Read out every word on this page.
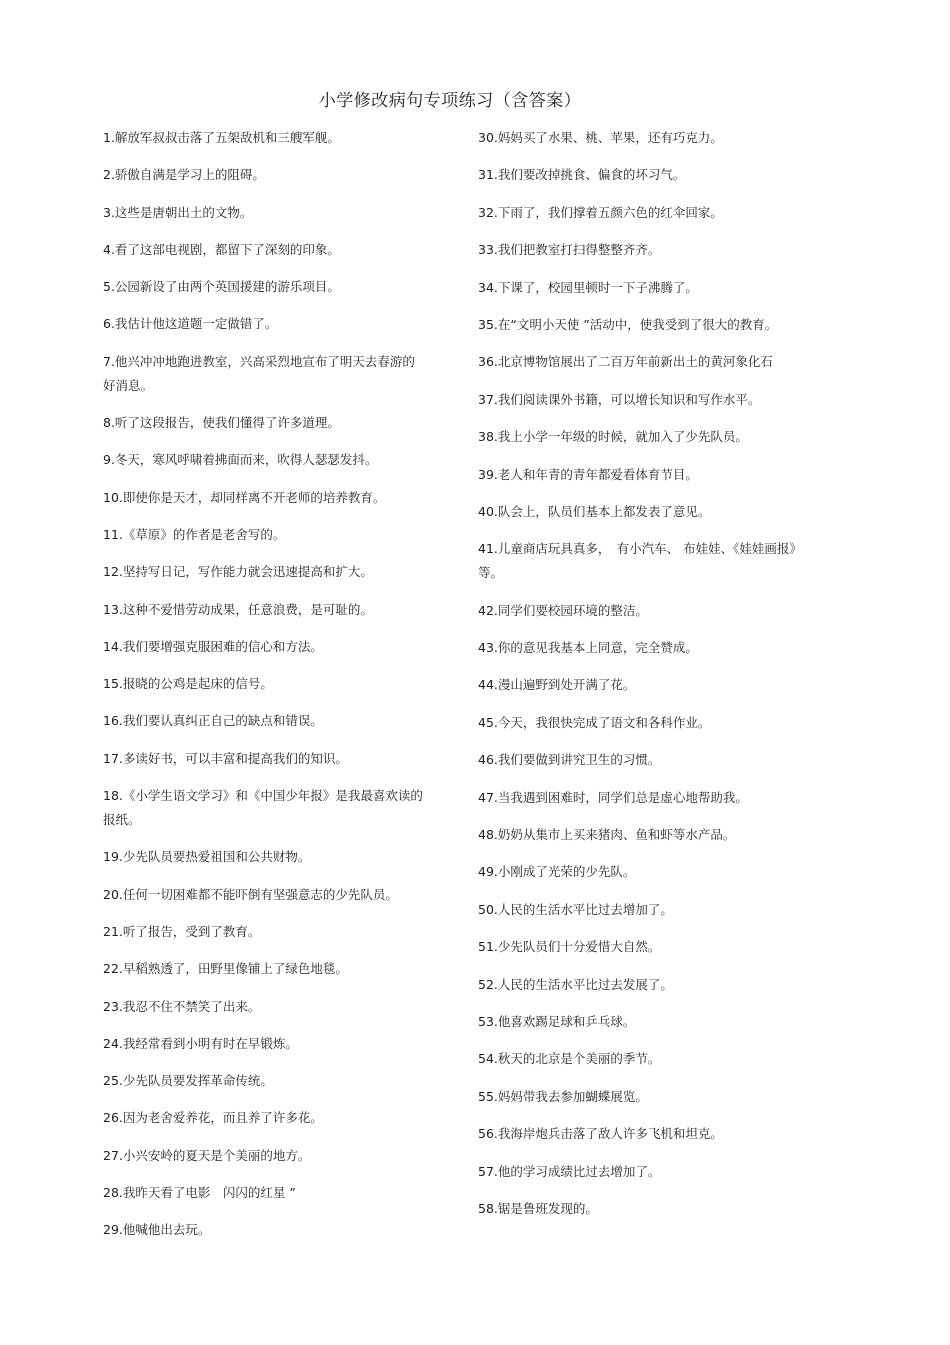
小学修改病句专项练习（含答案）
1.解放军叔叔击落了五架敌机和三艘军舰。
2.骄傲自满是学习上的阻碍。
3.这些是唐朝出土的文物。
4.看了这部电视剧，都留下了深刻的印象。
5.公园新设了由两个英国援建的游乐项目。
6.我估计他这道题一定做错了。
7.他兴冲冲地跑进教室，兴高采烈地宣布了明天去春游的好消息。
8.听了这段报告，使我们懂得了许多道理。
9.冬天，寒风呼啸着拂面而来，吹得人瑟瑟发抖。
10.即使你是天才，却同样离不开老师的培养教育。
11.《草原》的作者是老舍写的。
12.坚持写日记，写作能力就会迅速提高和扩大。
13.这种不爱惜劳动成果，任意浪费，是可耻的。
14.我们要增强克服困难的信心和方法。
15.报晓的公鸡是起床的信号。
16.我们要认真纠正自己的缺点和错误。
17.多读好书，可以丰富和提高我们的知识。
18.《小学生语文学习》和《中国少年报》是我最喜欢读的报纸。
19.少先队员要热爱祖国和公共财物。
20.任何一切困难都不能吓倒有坚强意志的少先队员。
21.听了报告，受到了教育。
22.早稻熟透了，田野里像铺上了绿色地毯。
23.我忍不住不禁笑了出来。
24.我经常看到小明有时在早锻炼。
25.少先队员要发挥革命传统。
26.因为老舍爱养花，而且养了许多花。
27.小兴安岭的夏天是个美丽的地方。
28.我昨天看了电影　闪闪的红星 ”
29.他喊他出去玩。
30.妈妈买了水果、桃、苹果，还有巧克力。
31.我们要改掉挑食、偏食的坏习气。
32.下雨了，我们撑着五颜六色的红伞回家。
33.我们把教室打扫得整整齐齐。
34.下课了，校园里顿时一下子沸腾了。
35.在“文明小天使 ”活动中，使我受到了很大的教育。
36.北京博物馆展出了二百万年前新出土的黄河象化石
37.我们阅读课外书籍，可以增长知识和写作水平。
38.我上小学一年级的时候，就加入了少先队员。
39.老人和年青的青年都爱看体育节目。
40.队会上，队员们基本上都发表了意见。
41.儿童商店玩具真多，　有小汽车、 布娃娃、《娃娃画报》等。
42.同学们要校园环境的整洁。
43.你的意见我基本上同意，完全赞成。
44.漫山遍野到处开满了花。
45.今天，我很快完成了语文和各科作业。
46.我们要做到讲究卫生的习惯。
47.当我遇到困难时，同学们总是虚心地帮助我。
48.奶奶从集市上买来猪肉、鱼和虾等水产品。
49.小刚成了光荣的少先队。
50.人民的生活水平比过去增加了。
51.少先队员们十分爱惜大自然。
52.人民的生活水平比过去发展了。
53.他喜欢踢足球和乒乓球。
54.秋天的北京是个美丽的季节。
55.妈妈带我去参加蝴蝶展览。
56.我海岸炮兵击落了敌人许多飞机和坦克。
57.他的学习成绩比过去增加了。
58.锯是鲁班发现的。
